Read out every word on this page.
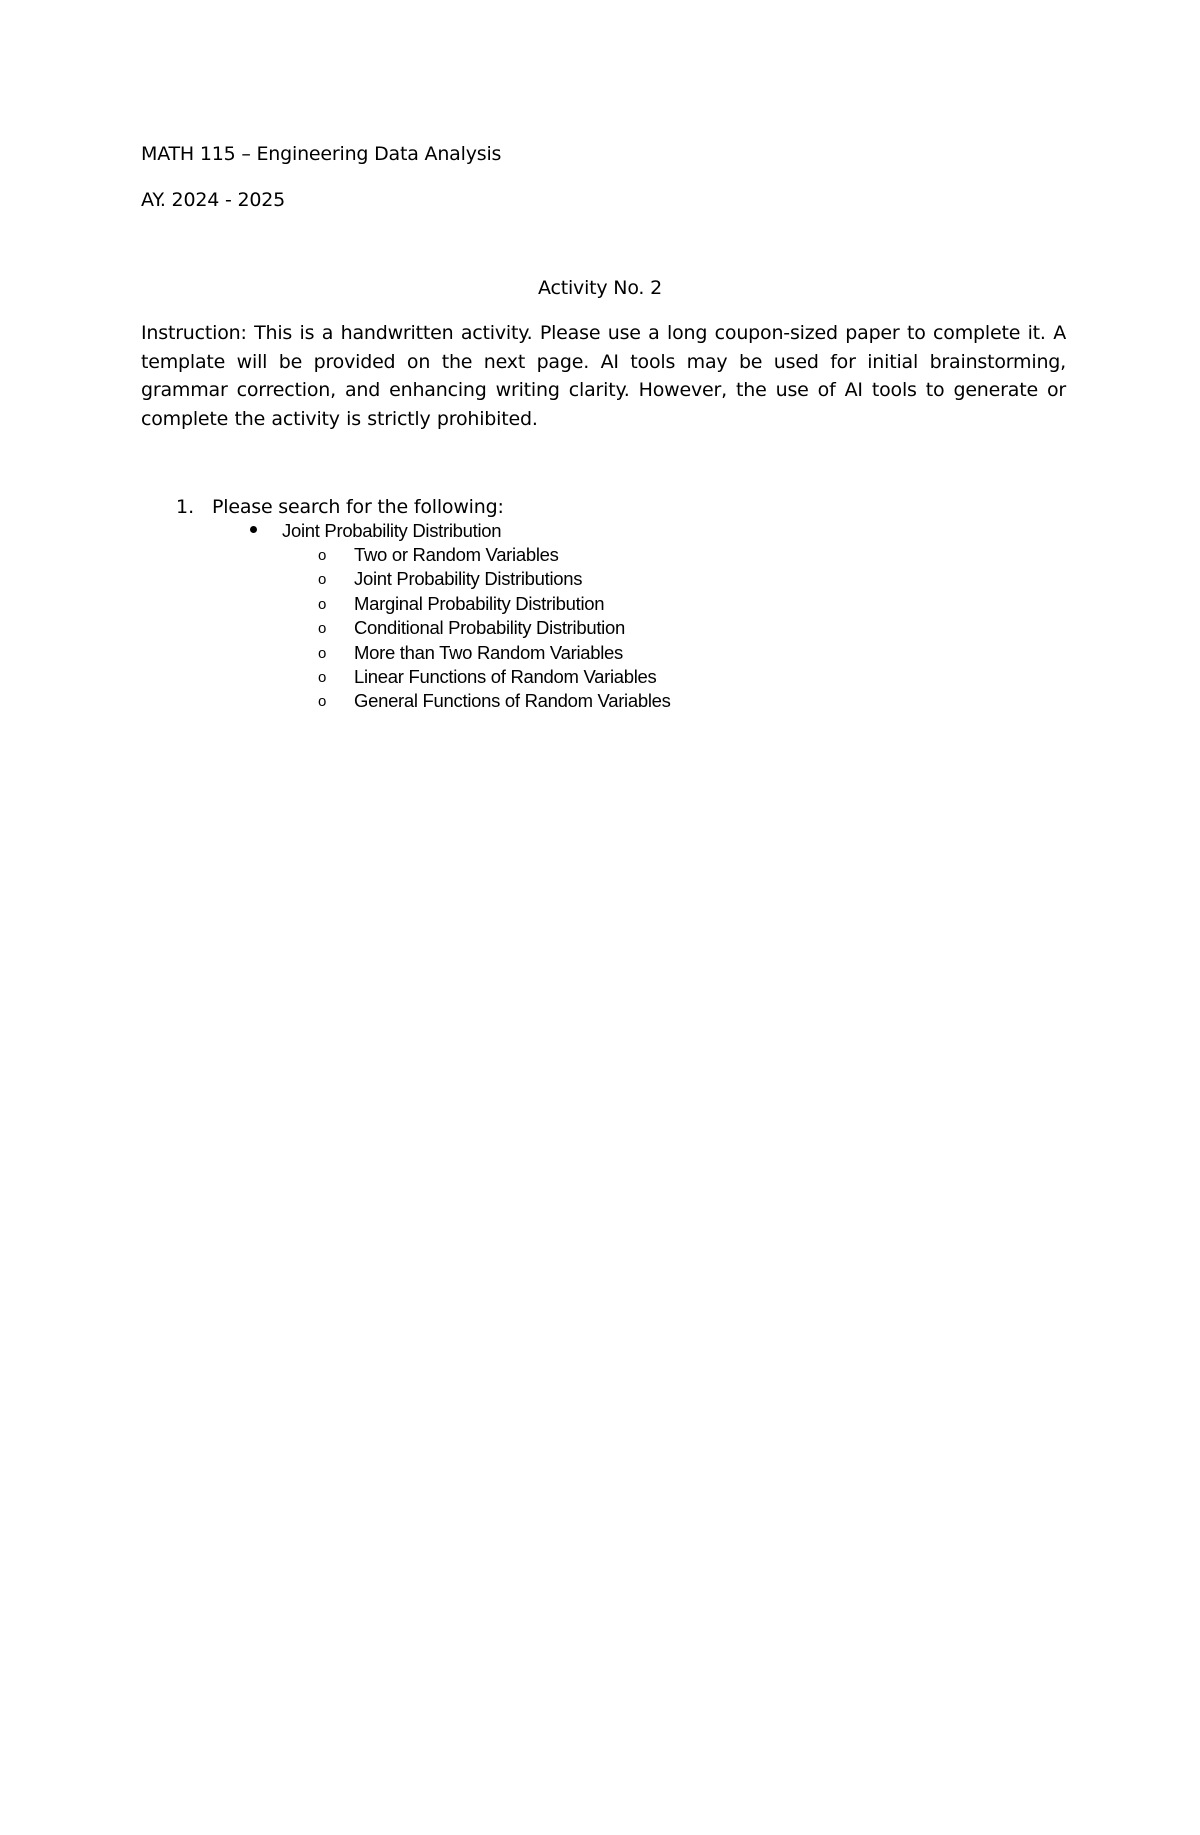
MATH 115 – Engineering Data Analysis
AY. 2024 - 2025
Activity No. 2
Instruction: This is a handwritten activity. Please use a long coupon-sized paper to complete it. A template will be provided on the next page. AI tools may be used for initial brainstorming, grammar correction, and enhancing writing clarity. However, the use of AI tools to generate or complete the activity is strictly prohibited.
1. Please search for the following:
Joint Probability Distribution
o Two or Random Variables
o Joint Probability Distributions
o Marginal Probability Distribution
o Conditional Probability Distribution
o More than Two Random Variables
o Linear Functions of Random Variables
o General Functions of Random Variables
